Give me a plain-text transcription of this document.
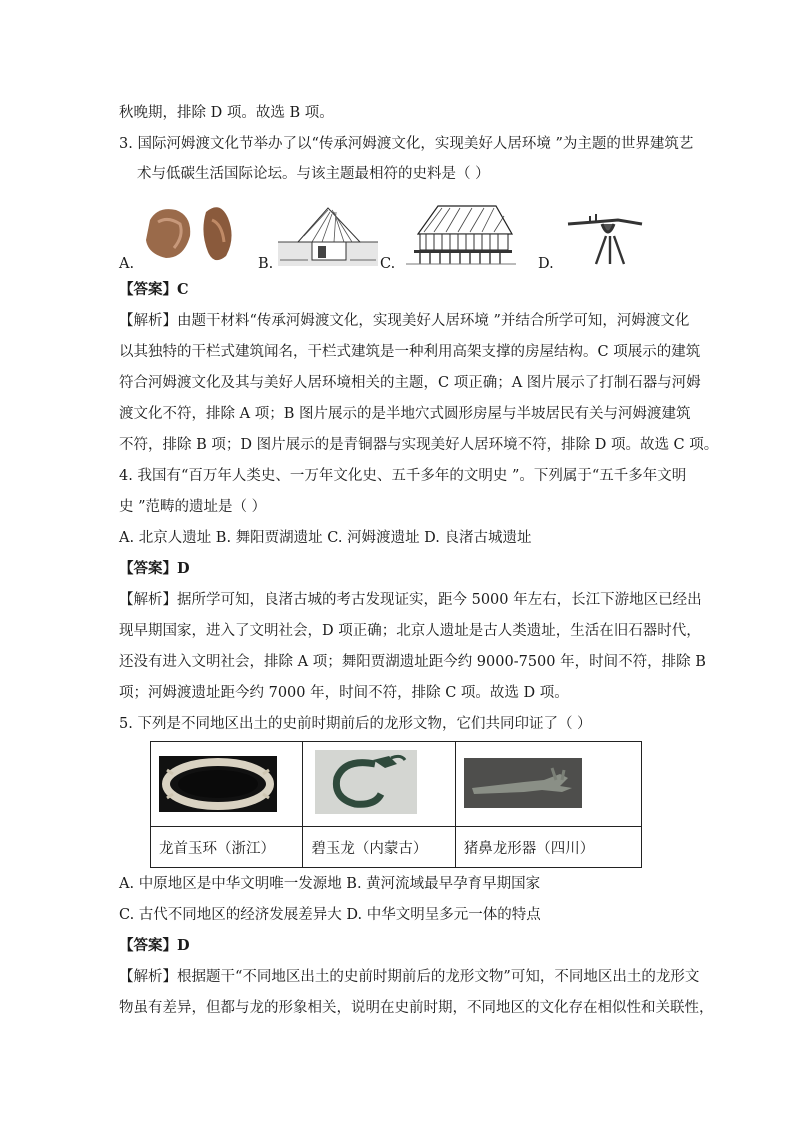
秋晚期，排除 D 项。故选 B 项。
3. 国际河姆渡文化节举办了以“传承河姆渡文化，实现美好人居环境 ”为主题的世界建筑艺
术与低碳生活国际论坛。与该主题最相符的史料是（ ）
A.	B.	C.	D.
【答案】C
【解析】由题干材料“传承河姆渡文化，实现美好人居环境 ”并结合所学可知，河姆渡文化
以其独特的干栏式建筑闻名，干栏式建筑是一种利用高架支撑的房屋结构。C 项展示的建筑
符合河姆渡文化及其与美好人居环境相关的主题，C 项正确；A 图片展示了打制石器与河姆
渡文化不符，排除 A 项；B 图片展示的是半地穴式圆形房屋与半坡居民有关与河姆渡建筑
不符，排除 B 项；D 图片展示的是青铜器与实现美好人居环境不符，排除 D 项。故选 C 项。
4. 我国有“百万年人类史、一万年文化史、五千多年的文明史 ”。下列属于“五千多年文明
史 ”范畴的遗址是（ ）
A. 北京人遗址 B. 舞阳贾湖遗址 C. 河姆渡遗址 D. 良渚古城遗址
【答案】D
【解析】据所学可知，良渚古城的考古发现证实，距今 5000 年左右，长江下游地区已经出
现早期国家，进入了文明社会，D 项正确；北京人遗址是古人类遗址，生活在旧石器时代，
还没有进入文明社会，排除 A 项；舞阳贾湖遗址距今约 9000-7500 年，时间不符，排除 B
项；河姆渡遗址距今约 7000 年，时间不符，排除 C 项。故选 D 项。
5. 下列是不同地区出土的史前时期前后的龙形文物，它们共同印证了（ ）

龙首玉环（浙江）	碧玉龙（内蒙古）	猪鼻龙形器（四川）
A. 中原地区是中华文明唯一发源地 B. 黄河流域最早孕育早期国家
C. 古代不同地区的经济发展差异大 D. 中华文明呈多元一体的特点
【答案】D
【解析】根据题干“不同地区出土的史前时期前后的龙形文物”可知，不同地区出土的龙形文
物虽有差异，但都与龙的形象相关，说明在史前时期，不同地区的文化存在相似性和关联性，
